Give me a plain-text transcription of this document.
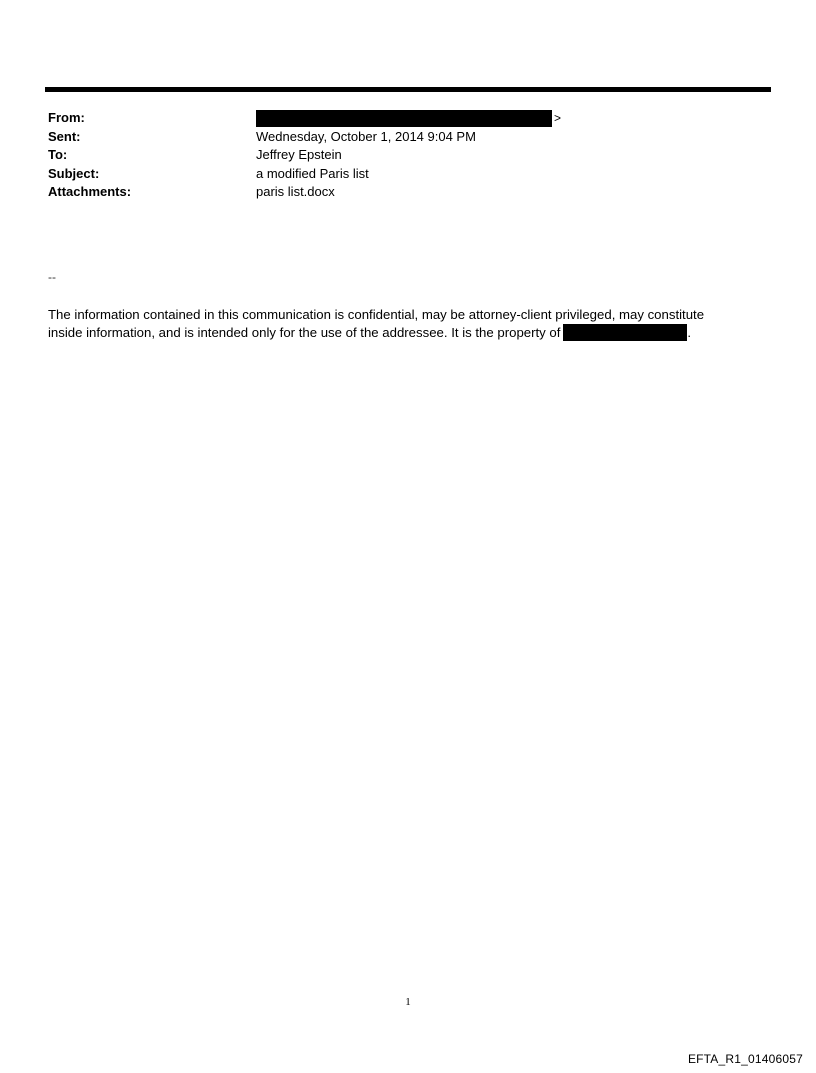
From:	>
Sent:	Wednesday, October 1, 2014 9:04 PM
To:	Jeffrey Epstein
Subject:	a modified Paris list
Attachments:	paris list.docx
--

The information contained in this communication is confidential, may be attorney-client privileged, may constitute

inside information, and is intended only for the use of the addressee. It is the property of	.

1
EFTA_R1_01406057
